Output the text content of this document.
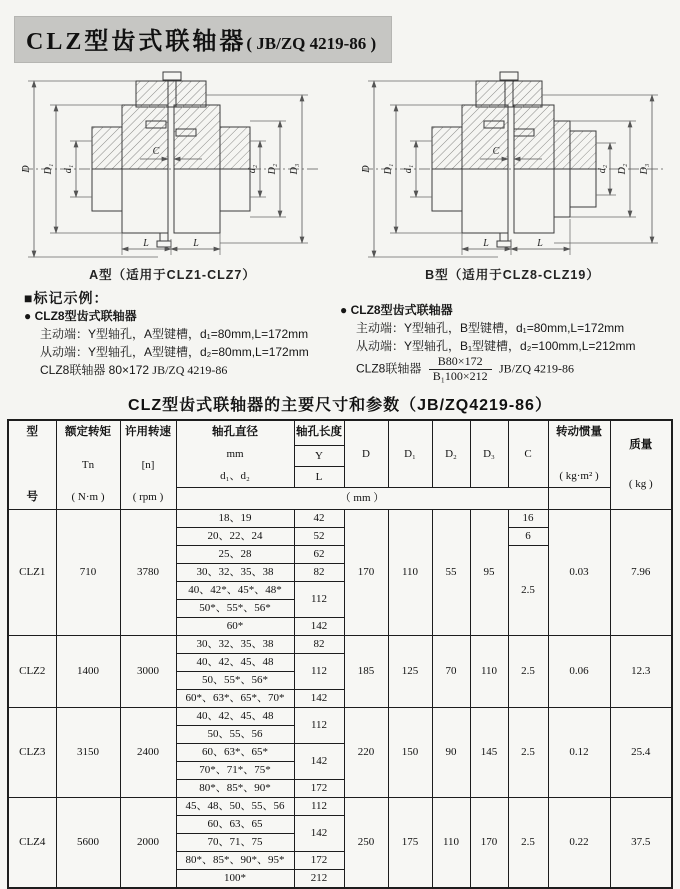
CLZ型齿式联轴器( JB/ZQ 4219-86 )
D D₁ d₁
C
d₂ D₂ D₃
L	L
A型（适用于CLZ1-CLZ7）
D D₁ d₁
C
d₂ D₂ D₃
L	L
B型（适用于CLZ8-CLZ19）
■标记示例：
● CLZ8型齿式联轴器
主动端：Y型轴孔，A型键槽，d₁=80mm,L=172mm
从动端：Y型轴孔，A型键槽，d₂=80mm,L=172mm
CLZ8联轴器 80×172 JB/ZQ 4219-86
● CLZ8型齿式联轴器
主动端：Y型轴孔，B型键槽，d₁=80mm,L=172mm
从动端：Y型轴孔，B₁型键槽，d₂=100mm,L=212mm
CLZ8联轴器 $\frac{B80\times 172}{\text{B₁100×212}} JB/ZQ$ 4219-86
CLZ型齿式联轴器的主要尺寸和参数（JB/ZQ4219-86）
型
号	额定转矩
Tn
( N·m )	许用转速
[n]
( rpm )	轴孔直径
mm
d₁、d₂	轴孔长度	D	D₁	D₂	D₃	C	转动惯量
( kg·m² )	质量
( kg )

				Y							
				L							
			（ mm ）								
CLZ1	710	3780	18、19	42	170	110	55	95	16	0.03	7.96
			20、22、24	52					6		
			25、28	62					2.5		
			30、32、35、38	82							
			40、42*、45*、48*	112							
			50*、55*、56*								
			60*	142							
CLZ2	1400	3000	30、32、35、38	82	185	125	70	110	2.5	0.06	12.3
			40、42、45、48	112							
			50、55*、56*								
			60*、63*、65*、70*	142							
CLZ3	3150	2400	40、42、45、48	112	220	150	90	145	2.5	0.12	25.4
			50、55、56								
			60、63*、65*	142							
			70*、71*、75*								
			80*、85*、90*	172							
CLZ4	5600	2000	45、48、50、55、56	112	250	175	110	170	2.5	0.22	37.5
			60、63、65	142							
			70、71、75								
			80*、85*、90*、95*	172							
			100*	212							
